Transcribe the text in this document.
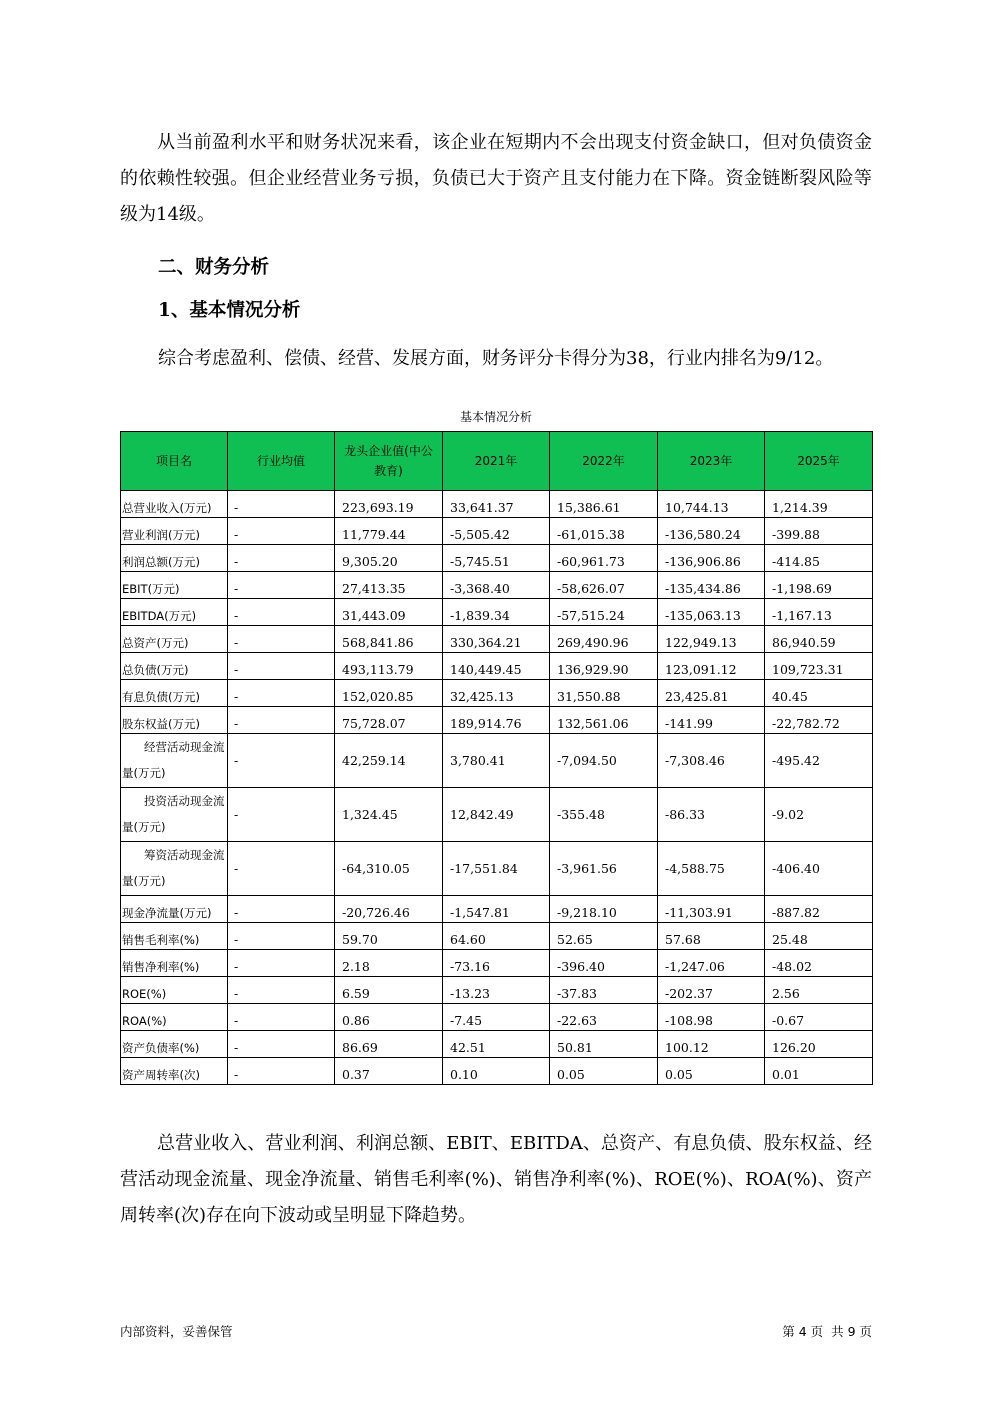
从当前盈利水平和财务状况来看，该企业在短期内不会出现支付资金缺口，但对负债资金的依赖性较强。但企业经营业务亏损，负债已大于资产且支付能力在下降。资金链断裂风险等级为14级。

二、财务分析
1、基本情况分析

综合考虑盈利、偿债、经营、发展方面，财务评分卡得分为38，行业内排名为9/12。

基本情况分析
项目名	行业均值	龙头企业值(中公教育)	2021年	2022年	2023年	2025年
总营业收入(万元)	-	223,693.19	33,641.37	15,386.61	10,744.13	1,214.39
营业利润(万元)	-	11,779.44	-5,505.42	-61,015.38	-136,580.24	-399.88
利润总额(万元)	-	9,305.20	-5,745.51	-60,961.73	-136,906.86	-414.85
EBIT(万元)	-	27,413.35	-3,368.40	-58,626.07	-135,434.86	-1,198.69
EBITDA(万元)	-	31,443.09	-1,839.34	-57,515.24	-135,063.13	-1,167.13
总资产(万元)	-	568,841.86	330,364.21	269,490.96	122,949.13	86,940.59
总负债(万元)	-	493,113.79	140,449.45	136,929.90	123,091.12	109,723.31
有息负债(万元)	-	152,020.85	32,425.13	31,550.88	23,425.81	40.45
股东权益(万元)	-	75,728.07	189,914.76	132,561.06	-141.99	-22,782.72
经营活动现金流量(万元)	-	42,259.14	3,780.41	-7,094.50	-7,308.46	-495.42
投资活动现金流量(万元)	-	1,324.45	12,842.49	-355.48	-86.33	-9.02
筹资活动现金流量(万元)	-	-64,310.05	-17,551.84	-3,961.56	-4,588.75	-406.40
现金净流量(万元)	-	-20,726.46	-1,547.81	-9,218.10	-11,303.91	-887.82
销售毛利率(%)	-	59.70	64.60	52.65	57.68	25.48
销售净利率(%)	-	2.18	-73.16	-396.40	-1,247.06	-48.02
ROE(%)	-	6.59	-13.23	-37.83	-202.37	2.56
ROA(%)	-	0.86	-7.45	-22.63	-108.98	-0.67
资产负债率(%)	-	86.69	42.51	50.81	100.12	126.20
资产周转率(次)	-	0.37	0.10	0.05	0.05	0.01

总营业收入、营业利润、利润总额、EBIT、EBITDA、总资产、有息负债、股东权益、经营活动现金流量、现金净流量、销售毛利率(%)、销售净利率(%)、ROE(%)、ROA(%)、资产周转率(次)存在向下波动或呈明显下降趋势。

内部资料，妥善保管	第 4 页  共 9 页
